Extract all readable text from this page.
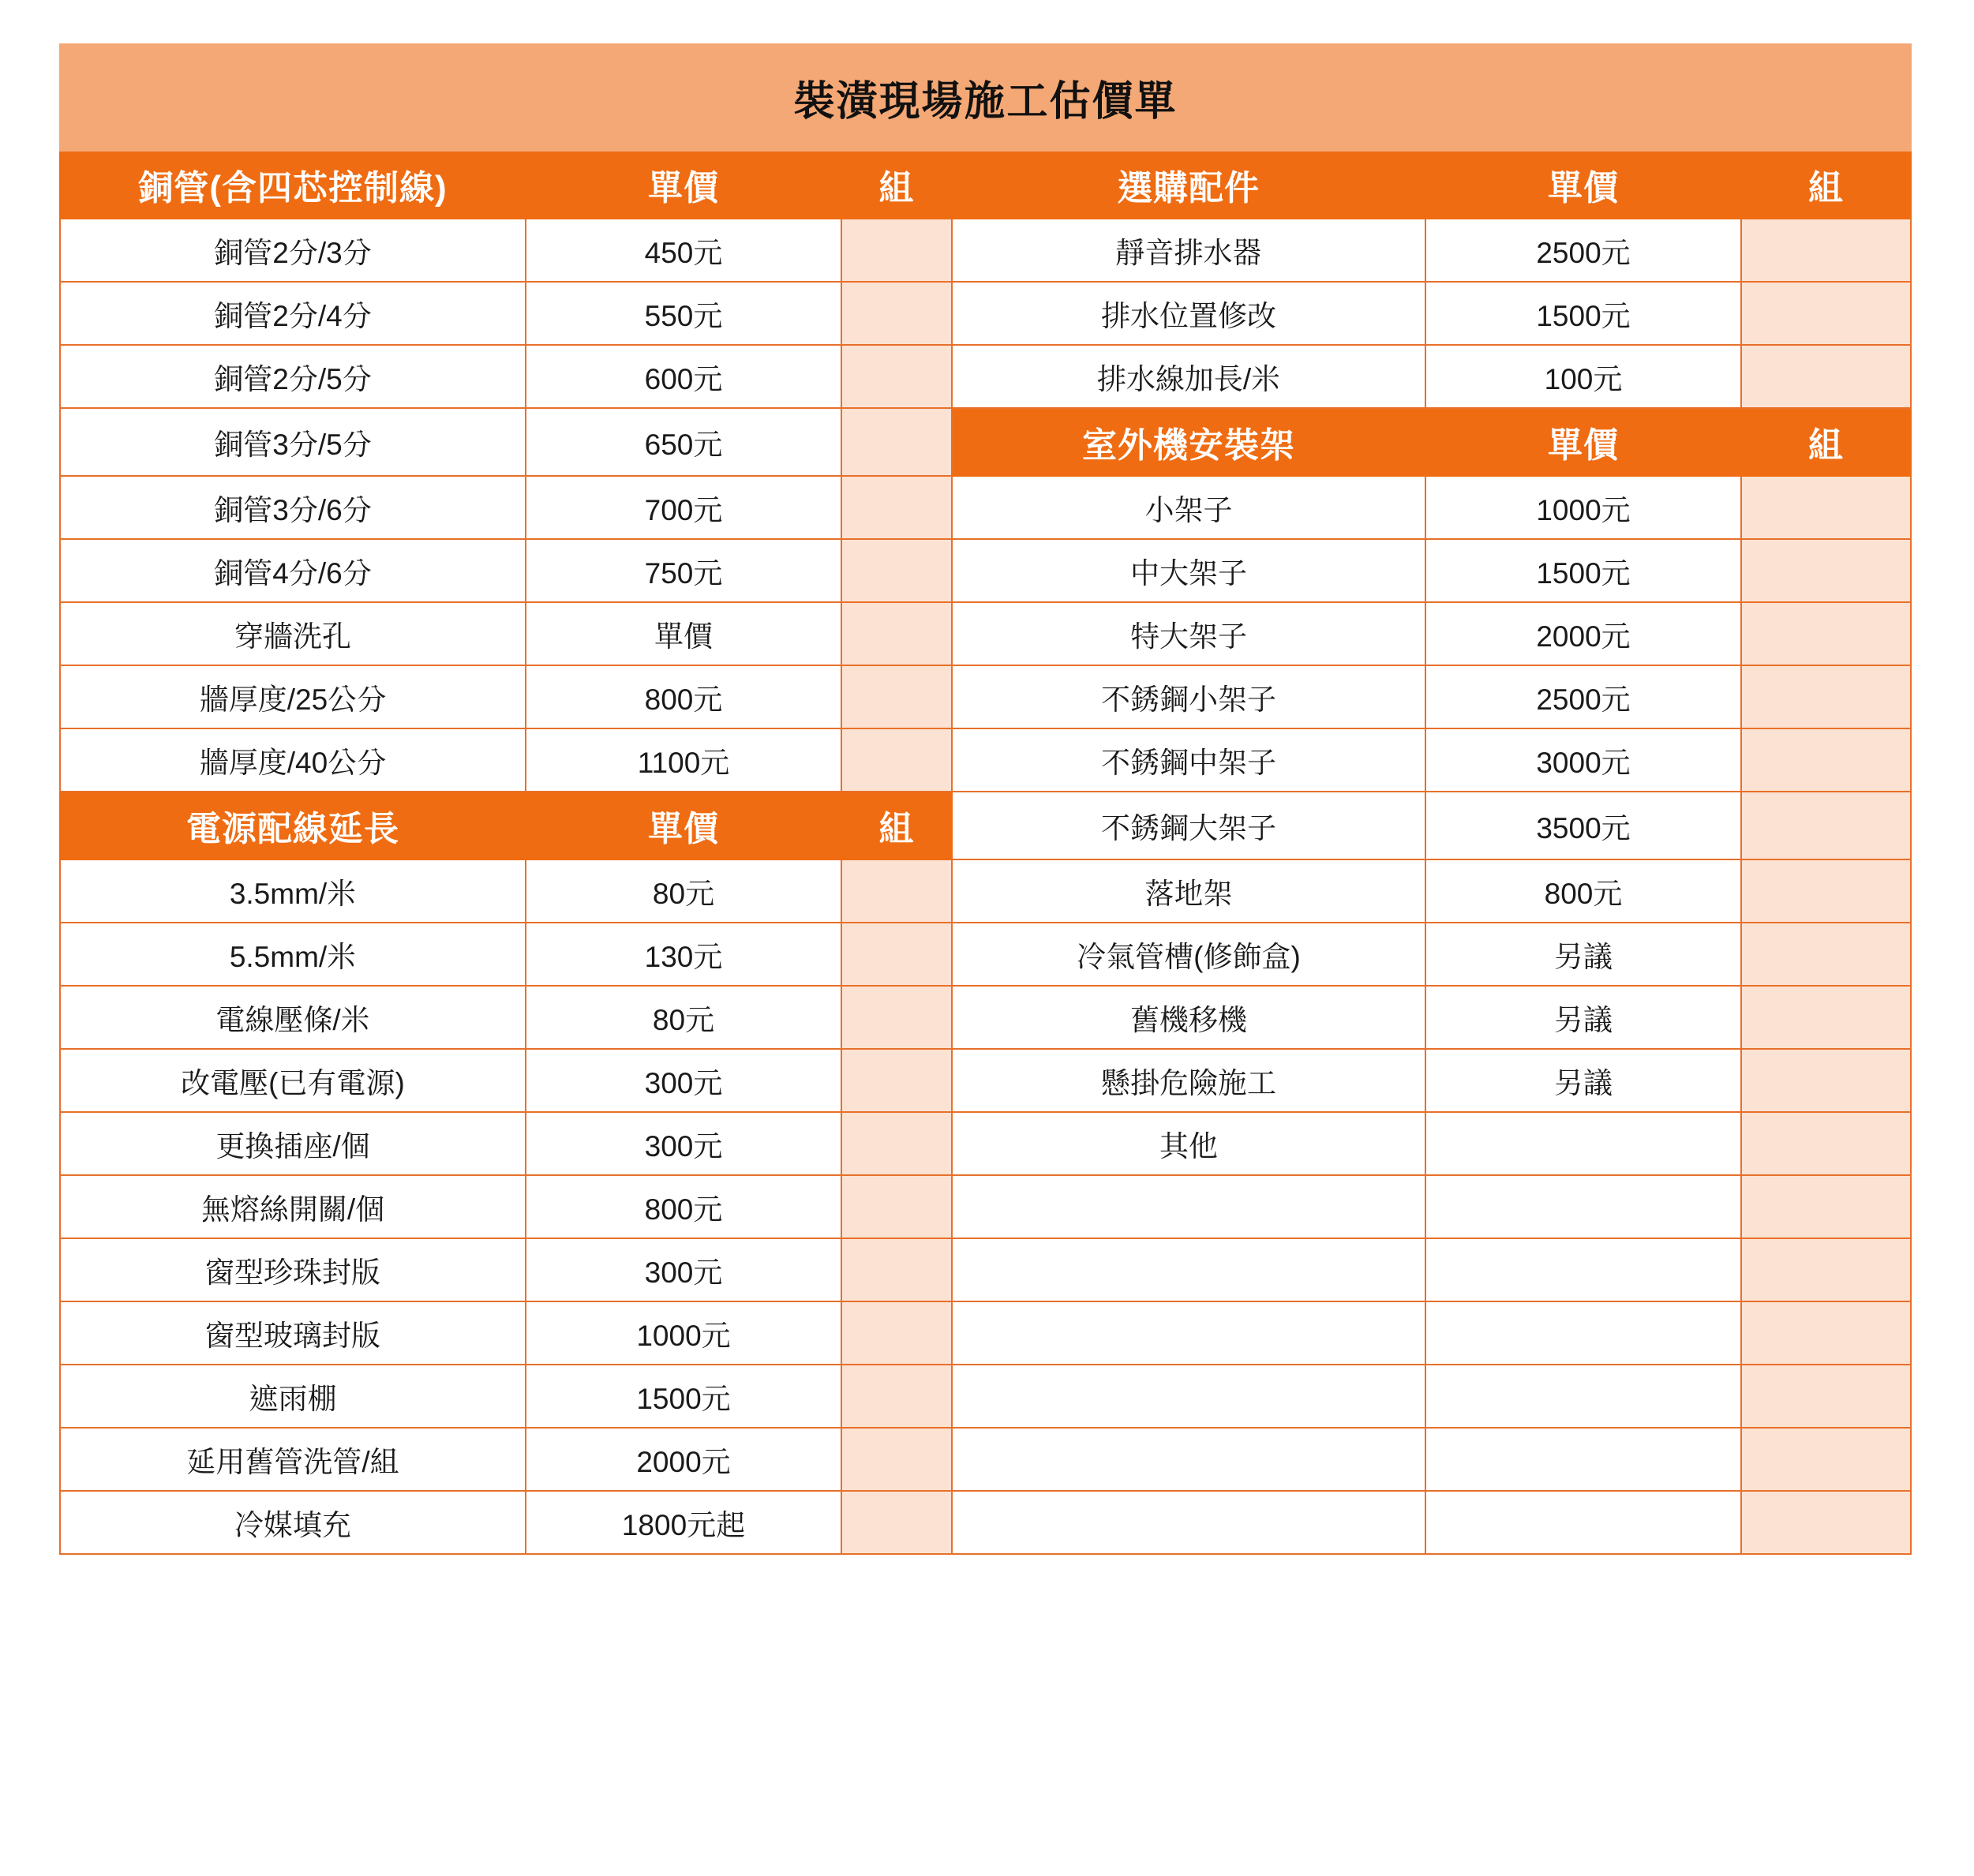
裝潢現場施工估價單					
銅管(含四芯控制線)	單價	組	選購配件	單價	組
銅管2分/3分	450元		靜音排水器	2500元	
銅管2分/4分	550元		排水位置修改	1500元	
銅管2分/5分	600元		排水線加長/米	100元	
銅管3分/5分	650元		室外機安裝架	單價	組
銅管3分/6分	700元		小架子	1000元	
銅管4分/6分	750元		中大架子	1500元	
穿牆洗孔	單價		特大架子	2000元	
牆厚度/25公分	800元		不銹鋼小架子	2500元	
牆厚度/40公分	1100元		不銹鋼中架子	3000元	
電源配線延長	單價	組	不銹鋼大架子	3500元	
3.5mm/米	80元		落地架	800元	
5.5mm/米	130元		冷氣管槽(修飾盒)	另議	
電線壓條/米	80元		舊機移機	另議	
改電壓(已有電源)	300元		懸掛危險施工	另議	
更換插座/個	300元		其他		
無熔絲開關/個	800元				
窗型珍珠封版	300元				
窗型玻璃封版	1000元				
遮雨棚	1500元				
延用舊管洗管/組	2000元				
冷媒填充	1800元起				
